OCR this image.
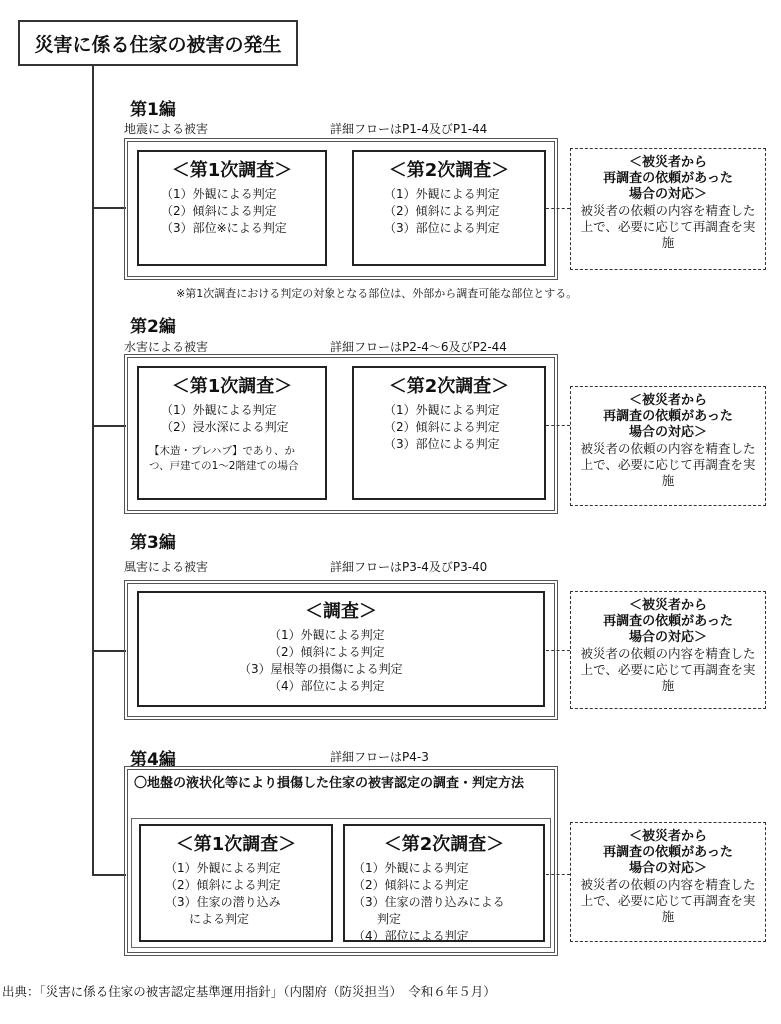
災害に係る住家の被害の発生
第1編
地震による被害	詳細フローはP1-4及びP1-44
＜第1次調査＞
（1）外観による判定
（2）傾斜による判定
（3）部位※による判定
＜第2次調査＞
（1）外観による判定
（2）傾斜による判定
（3）部位による判定
※第1次調査における判定の対象となる部位は、外部から調査可能な部位とする。
＜被災者から
再調査の依頼があった
場合の対応＞
被災者の依頼の内容を精査した上で、必要に応じて再調査を実施
第2編
水害による被害	詳細フローはP2-4～6及びP2-44
＜第1次調査＞
（1）外観による判定
（2）浸水深による判定
【木造・プレハブ】であり、かつ、戸建ての1～2階建ての場合
＜第2次調査＞
（1）外観による判定
（2）傾斜による判定
（3）部位による判定
＜被災者から
再調査の依頼があった
場合の対応＞
被災者の依頼の内容を精査した上で、必要に応じて再調査を実施
第3編
風害による被害	詳細フローはP3-4及びP3-40
＜調査＞
（1）外観による判定
（2）傾斜による判定
（3）屋根等の損傷による判定
（4）部位による判定
＜被災者から
再調査の依頼があった
場合の対応＞
被災者の依頼の内容を精査した上で、必要に応じて再調査を実施
第4編	詳細フローはP4-3
〇地盤の液状化等により損傷した住家の被害認定の調査・判定方法
＜第1次調査＞
（1）外観による判定
（2）傾斜による判定
（3）住家の潜り込み
　　による判定
＜第2次調査＞
（1）外観による判定
（2）傾斜による判定
（3）住家の潜り込みによる
　　判定
（4）部位による判定
＜被災者から
再調査の依頼があった
場合の対応＞
被災者の依頼の内容を精査した上で、必要に応じて再調査を実施
出典：「災害に係る住家の被害認定基準運用指針」（内閣府（防災担当）　令和６年５月）
